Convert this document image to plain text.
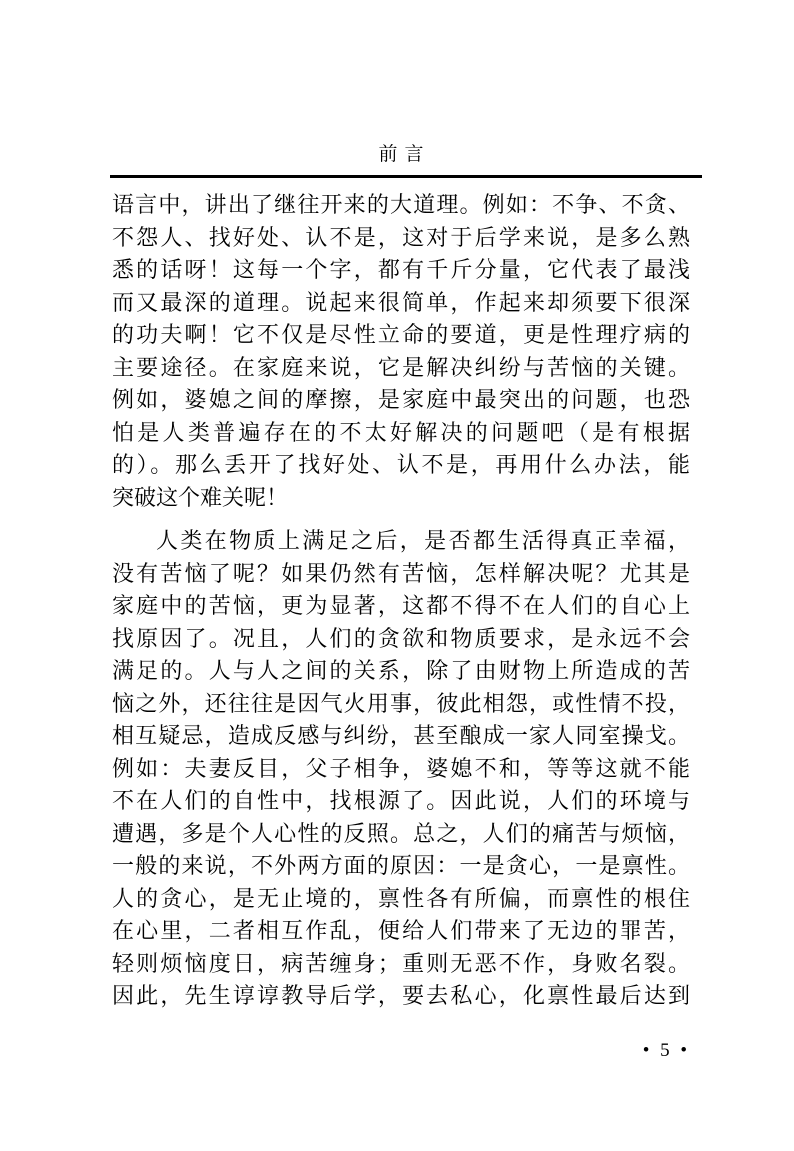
前言
语言中，讲出了继往开来的大道理。例如：不争、不贪、
不怨人、找好处、认不是，这对于后学来说，是多么熟
悉的话呀！这每一个字，都有千斤分量，它代表了最浅
而又最深的道理。说起来很简单，作起来却须要下很深
的功夫啊！它不仅是尽性立命的要道，更是性理疗病的
主要途径。在家庭来说，它是解决纠纷与苦恼的关键。
例如，婆媳之间的摩擦，是家庭中最突出的问题，也恐
怕是人类普遍存在的不太好解决的问题吧（是有根据
的）。那么丢开了找好处、认不是，再用什么办法，能
突破这个难关呢！
人类在物质上满足之后，是否都生活得真正幸福，
没有苦恼了呢？如果仍然有苦恼，怎样解决呢？尤其是
家庭中的苦恼，更为显著，这都不得不在人们的自心上
找原因了。况且，人们的贪欲和物质要求，是永远不会
满足的。人与人之间的关系，除了由财物上所造成的苦
恼之外，还往往是因气火用事，彼此相怨，或性情不投，
相互疑忌，造成反感与纠纷，甚至酿成一家人同室操戈。
例如：夫妻反目，父子相争，婆媳不和，等等这就不能
不在人们的自性中，找根源了。因此说，人们的环境与
遭遇，多是个人心性的反照。总之，人们的痛苦与烦恼，
一般的来说，不外两方面的原因：一是贪心，一是禀性。
人的贪心，是无止境的，禀性各有所偏，而禀性的根住
在心里，二者相互作乱，便给人们带来了无边的罪苦，
轻则烦恼度日，病苦缠身；重则无恶不作，身败名裂。
因此，先生谆谆教导后学，要去私心，化禀性最后达到
• 5 •
